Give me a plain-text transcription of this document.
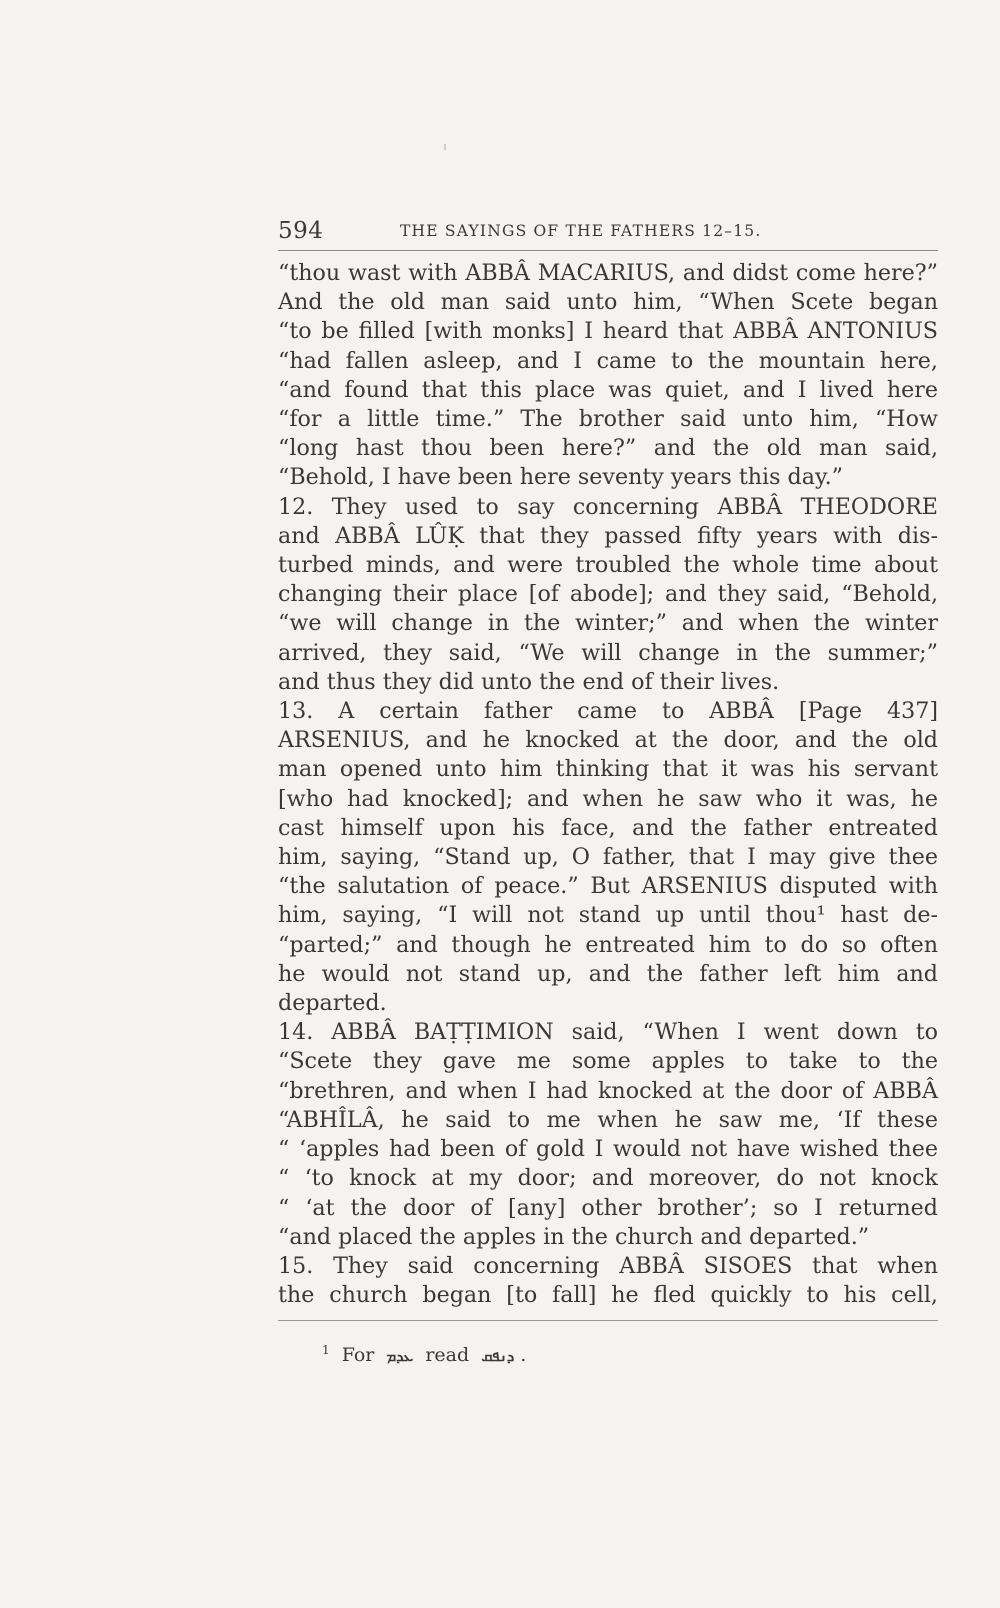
594	THE SAYINGS OF THE FATHERS 12–15.
“thou wast with ABBÂ MACARIUS, and didst come here?”
And the old man said unto him, “When Scete began
“to be filled [with monks] I heard that ABBÂ ANTONIUS
“had fallen asleep, and I came to the mountain here,
“and found that this place was quiet, and I lived here
“for a little time.” The brother said unto him, “How
“long hast thou been here?” and the old man said,
“Behold, I have been here seventy years this day.”
12. They used to say concerning ABBÂ THEODORE
and ABBÂ LÛḲ that they passed fifty years with dis-
turbed minds, and were troubled the whole time about
changing their place [of abode]; and they said, “Behold,
“we will change in the winter;” and when the winter
arrived, they said, “We will change in the summer;”
and thus they did unto the end of their lives.
13. A certain father came to ABBÂ [Page 437]
ARSENIUS, and he knocked at the door, and the old
man opened unto him thinking that it was his servant
[who had knocked]; and when he saw who it was, he
cast himself upon his face, and the father entreated
him, saying, “Stand up, O father, that I may give thee
“the salutation of peace.” But ARSENIUS disputed with
him, saying, “I will not stand up until thou¹ hast de-
“parted;” and though he entreated him to do so often
he would not stand up, and the father left him and
departed.
14. ABBÂ BAṬṬIMION said, “When I went down to
“Scete they gave me some apples to take to the
“brethren, and when I had knocked at the door of ABBÂ
“ABHÎLÂ, he said to me when he saw me, ‘If these
“ ‘apples had been of gold I would not have wished thee
“ ‘to knock at my door; and moreover, do not knock
“ ‘at the door of [any] other brother’; so I returned
“and placed the apples in the church and departed.”
15. They said concerning ABBÂ SISOES that when
the church began [to fall] he fled quickly to his cell,
$^1$ For ܥܕܡ read ܕܢܦܩ .
